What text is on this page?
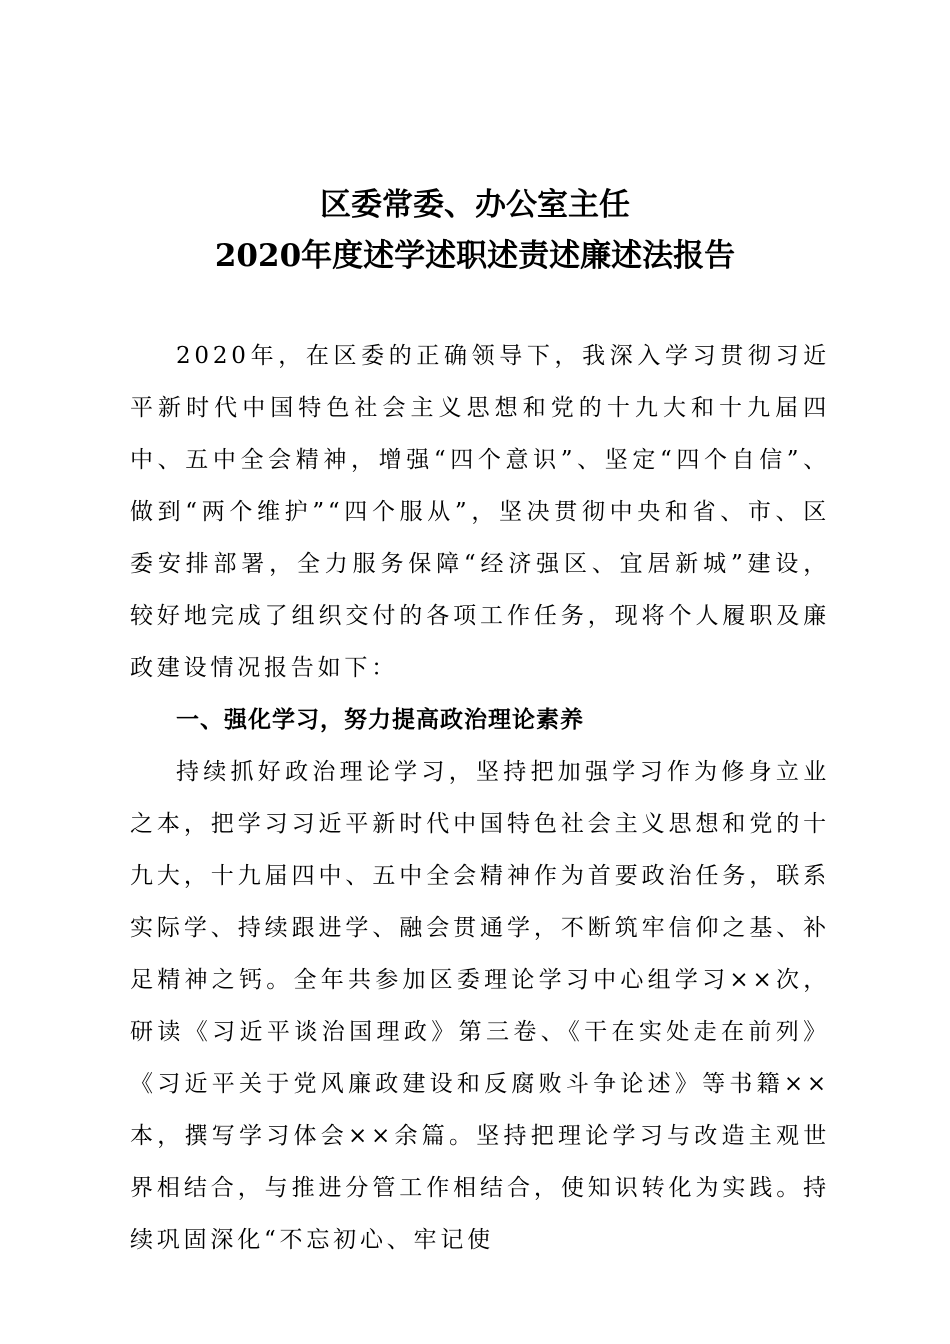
区委常委、办公室主任
2020年度述学述职述责述廉述法报告

2020年，在区委的正确领导下，我深入学习贯彻习近平新时代中国特色社会主义思想和党的十九大和十九届四中、五中全会精神，增强“四个意识”、坚定“四个自信”、做到“两个维护”“四个服从”，坚决贯彻中央和省、市、区委安排部署，全力服务保障“经济强区、宜居新城”建设，较好地完成了组织交付的各项工作任务，现将个人履职及廉政建设情况报告如下：

一、强化学习，努力提高政治理论素养

持续抓好政治理论学习，坚持把加强学习作为修身立业之本，把学习习近平新时代中国特色社会主义思想和党的十九大，十九届四中、五中全会精神作为首要政治任务，联系实际学、持续跟进学、融会贯通学，不断筑牢信仰之基、补足精神之钙。全年共参加区委理论学习中心组学习××次，研读《习近平谈治国理政》第三卷、《干在实处走在前列》《习近平关于党风廉政建设和反腐败斗争论述》等书籍××本，撰写学习体会××余篇。坚持把理论学习与改造主观世界相结合，与推进分管工作相结合，使知识转化为实践。持续巩固深化“不忘初心、牢记使
